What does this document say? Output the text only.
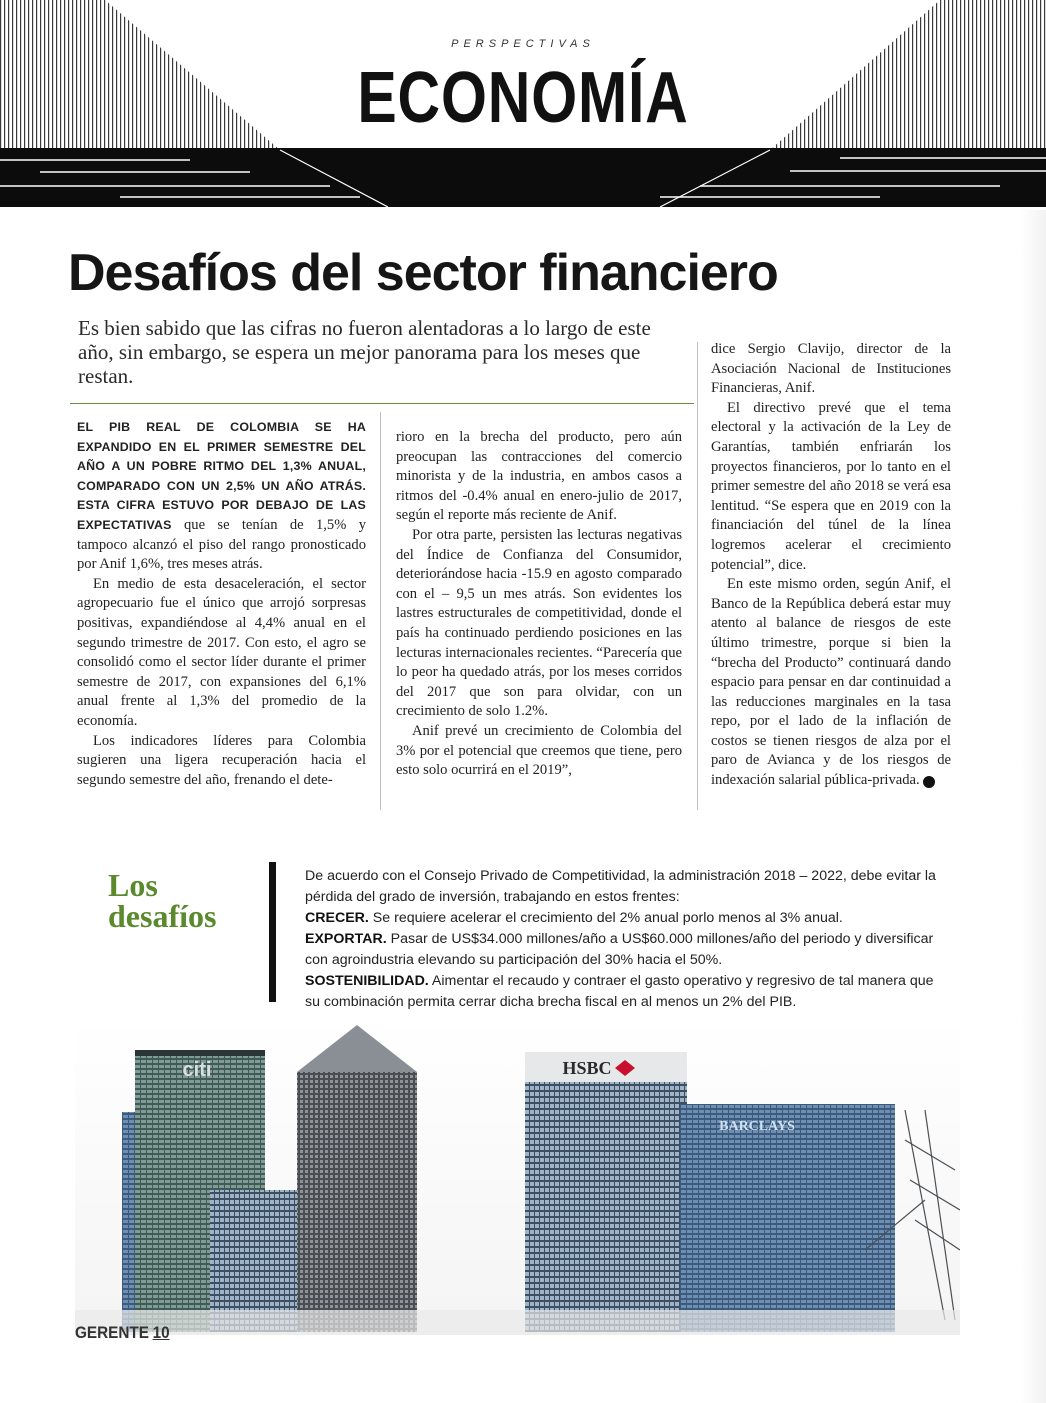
PERSPECTIVAS
ECONOMÍA
Desafíos del sector financiero
Es bien sabido que las cifras no fueron alentadoras a lo largo de este año, sin embargo, se espera un mejor panorama para los meses que restan.

EL PIB REAL DE COLOMBIA SE HA EXPANDIDO EN EL PRIMER SEMESTRE DEL AÑO A UN POBRE RITMO DEL 1,3% ANUAL, COMPARADO CON UN 2,5% UN AÑO ATRÁS. ESTA CIFRA ESTUVO POR DEBAJO DE LAS EXPECTATIVAS que se tenían de 1,5% y tampoco alcanzó el piso del rango pronosticado por Anif 1,6%, tres meses atrás.

En medio de esta desaceleración, el sector agropecuario fue el único que arrojó sorpresas positivas, expandiéndose al 4,4% anual en el segundo trimestre de 2017. Con esto, el agro se consolidó como el sector líder durante el primer semestre de 2017, con expansiones del 6,1% anual frente al 1,3% del promedio de la economía.

Los indicadores líderes para Colombia sugieren una ligera recuperación hacia el segundo semestre del año, frenando el dete-

rioro en la brecha del producto, pero aún preocupan las contracciones del comercio minorista y de la industria, en ambos casos a ritmos del -0.4% anual en enero-julio de 2017, según el reporte más reciente de Anif.

Por otra parte, persisten las lecturas negativas del Índice de Confianza del Consumidor, deteriorándose hacia -15.9 en agosto comparado con el – 9,5 un mes atrás. Son evidentes los lastres estructurales de competitividad, donde el país ha continuado perdiendo posiciones en las lecturas internacionales recientes. “Parecería que lo peor ha quedado atrás, por los meses corridos del 2017 que son para olvidar, con un crecimiento de solo 1.2%.

Anif prevé un crecimiento de Colombia del 3% por el potencial que creemos que tiene, pero esto solo ocurrirá en el 2019”,

dice Sergio Clavijo, director de la Asociación Nacional de Instituciones Financieras, Anif.

El directivo prevé que el tema electoral y la activación de la Ley de Garantías, también enfriarán los proyectos financieros, por lo tanto en el primer semestre del año 2018 se verá esa lentitud. “Se espera que en 2019 con la financiación del túnel de la línea logremos acelerar el crecimiento potencial”, dice.

En este mismo orden, según Anif, el Banco de la República deberá estar muy atento al balance de riesgos de este último trimestre, porque si bien la “brecha del Producto” continuará dando espacio para pensar en dar continuidad a las reducciones marginales en la tasa repo, por el lado de la inflación de costos se tienen riesgos de alza por el paro de Avianca y de los riesgos de indexación salarial pública-privada. G

Los
desafíos

De acuerdo con el Consejo Privado de Competitividad, la administración 2018 – 2022, debe evitar la pérdida del grado de inversión, trabajando en estos frentes:

CRECER. Se requiere acelerar el crecimiento del 2% anual porlo menos al 3% anual.

EXPORTAR. Pasar de US$34.000 millones/año a US$60.000 millones/año del periodo y diversificar con agroindustria elevando su participación del 30% hacia el 50%.

SOSTENIBILIDAD. Aimentar el recaudo y contraer el gasto operativo y regresivo de tal manera que su combinación permita cerrar dicha brecha fiscal en al menos un 2% del PIB.

citi	HSBC
BARCLAYS
GERENTE 10
